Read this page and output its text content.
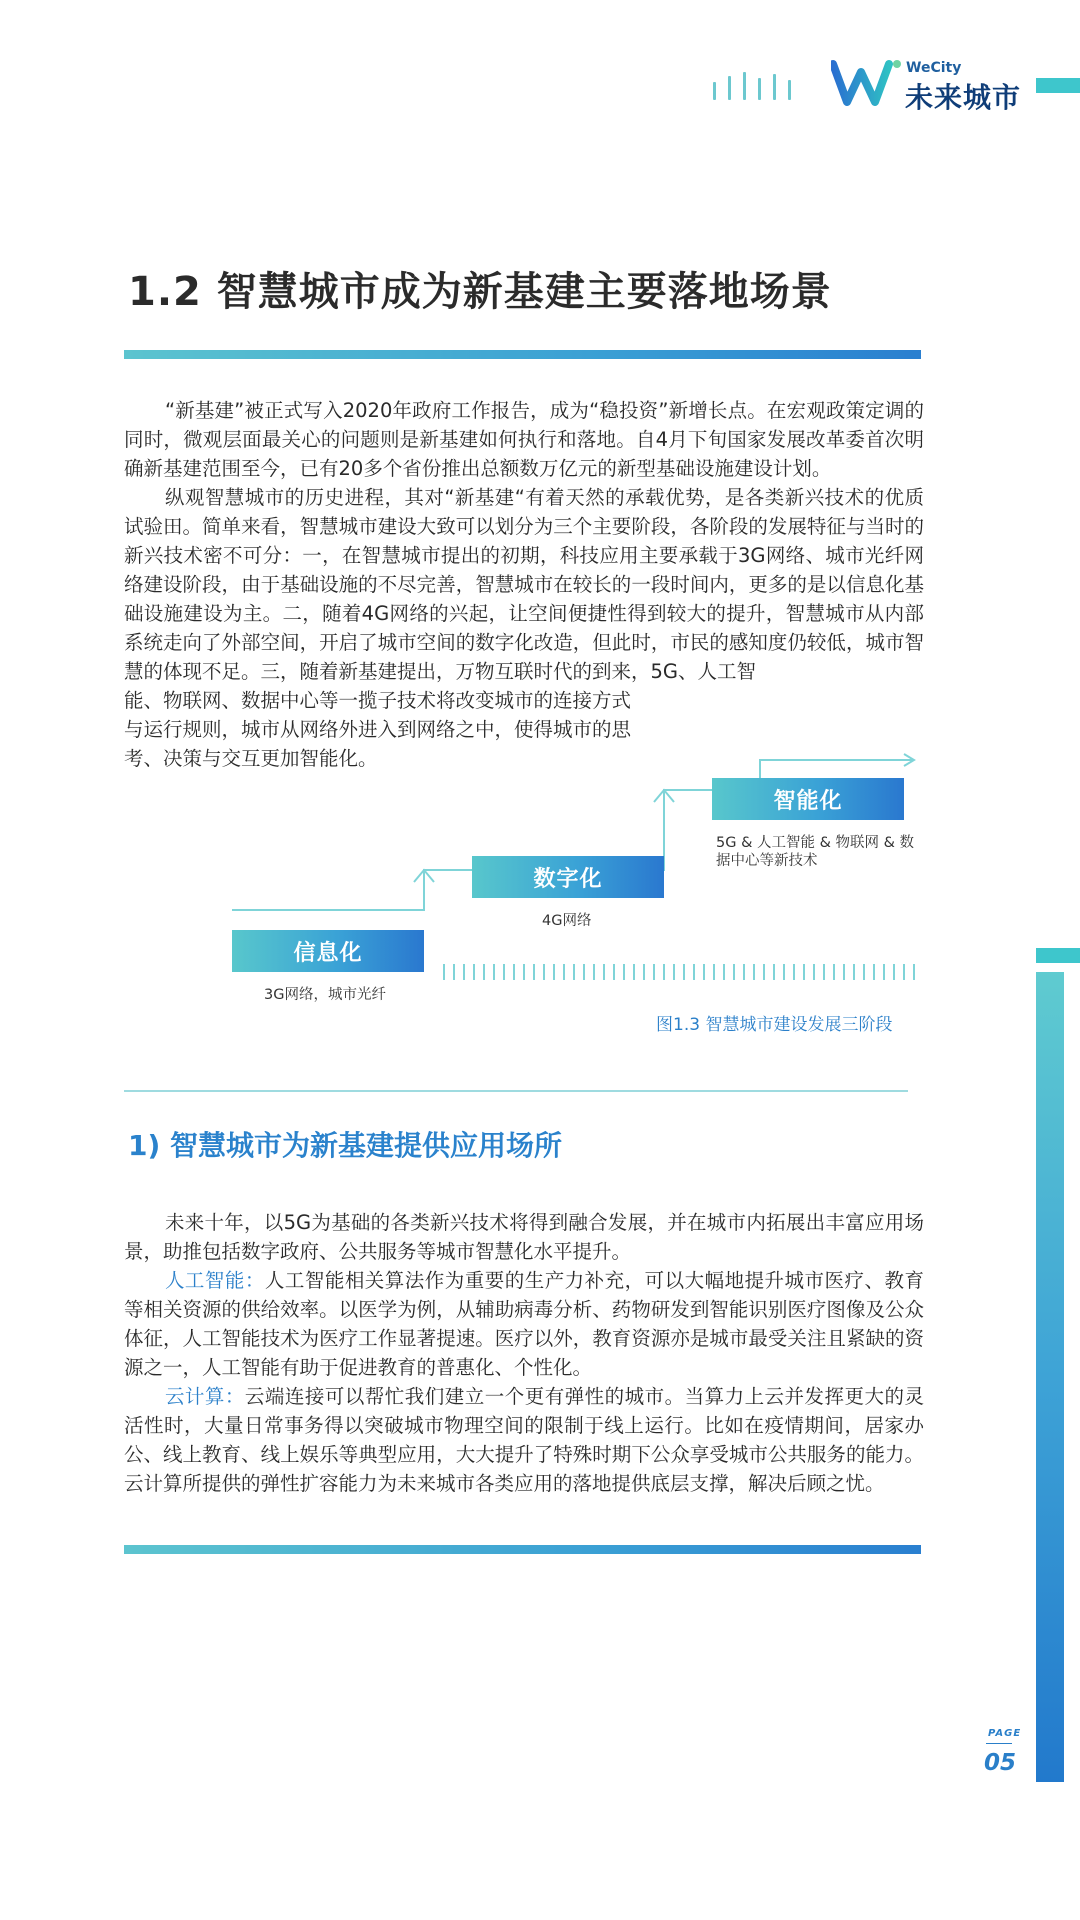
WeCity
未来城市
1.2 智慧城市成为新基建主要落地场景

“新基建”被正式写入2020年政府工作报告，成为“稳投资”新增长点。在宏观政策定调的同时，微观层面最关心的问题则是新基建如何执行和落地。自4月下旬国家发展改革委首次明确新基建范围至今，已有20多个省份推出总额数万亿元的新型基础设施建设计划。

纵观智慧城市的历史进程，其对“新基建“有着天然的承载优势，是各类新兴技术的优质试验田。简单来看，智慧城市建设大致可以划分为三个主要阶段，各阶段的发展特征与当时的新兴技术密不可分：一，在智慧城市提出的初期，科技应用主要承载于3G网络、城市光纤网络建设阶段，由于基础设施的不尽完善，智慧城市在较长的一段时间内，更多的是以信息化基础设施建设为主。二，随着4G网络的兴起，让空间便捷性得到较大的提升，智慧城市从内部系统走向了外部空间，开启了城市空间的数字化改造，但此时，市民的感知度仍较低，城市智慧的体现不足。三，随着新基建提出，万物互联时代的到来，5G、人工智

能、物联网、数据中心等一揽子技术将改变城市的连接方式
与运行规则，城市从网络外进入到网络之中，使得城市的思
考、决策与交互更加智能化。
信息化
3G网络，城市光纤
数字化
4G网络
智能化
5G & 人工智能 & 物联网 & 数据中心等新技术
图1.3 智慧城市建设发展三阶段
1) 智慧城市为新基建提供应用场所

未来十年，以5G为基础的各类新兴技术将得到融合发展，并在城市内拓展出丰富应用场景，助推包括数字政府、公共服务等城市智慧化水平提升。

人工智能：人工智能相关算法作为重要的生产力补充，可以大幅地提升城市医疗、教育等相关资源的供给效率。以医学为例，从辅助病毒分析、药物研发到智能识别医疗图像及公众体征，人工智能技术为医疗工作显著提速。医疗以外，教育资源亦是城市最受关注且紧缺的资源之一，人工智能有助于促进教育的普惠化、个性化。

云计算：云端连接可以帮忙我们建立一个更有弹性的城市。当算力上云并发挥更大的灵活性时，大量日常事务得以突破城市物理空间的限制于线上运行。比如在疫情期间，居家办公、线上教育、线上娱乐等典型应用，大大提升了特殊时期下公众享受城市公共服务的能力。云计算所提供的弹性扩容能力为未来城市各类应用的落地提供底层支撑，解决后顾之忧。

PAGE
05
